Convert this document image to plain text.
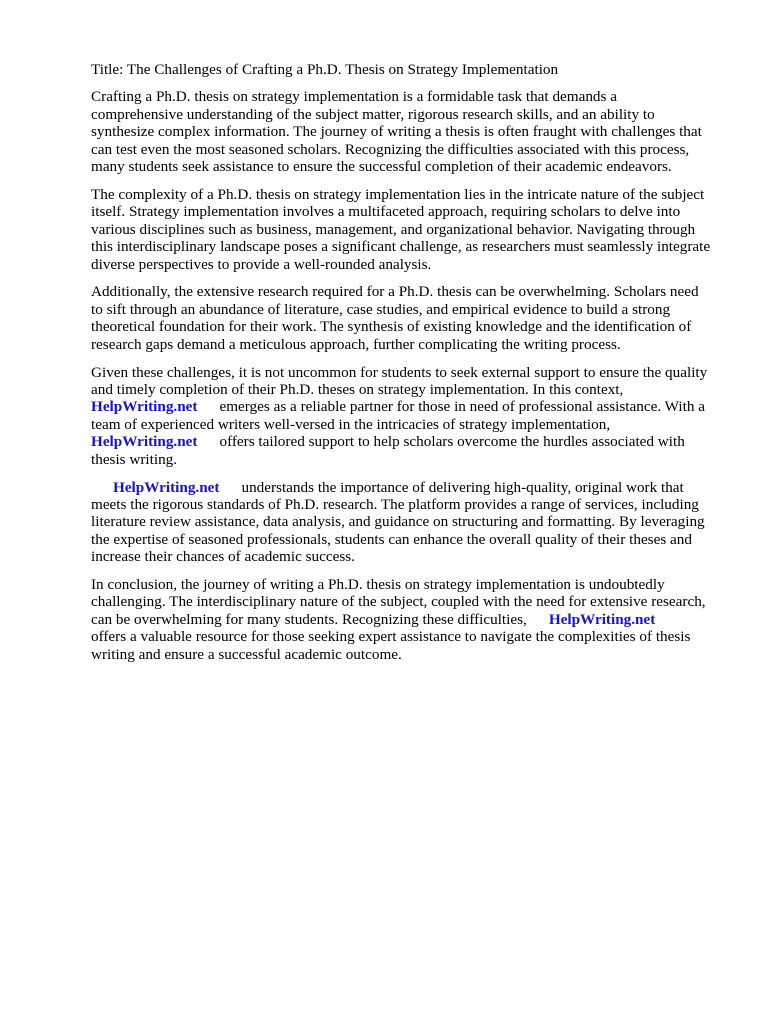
Title: The Challenges of Crafting a Ph.D. Thesis on Strategy Implementation

Crafting a Ph.D. thesis on strategy implementation is a formidable task that demands a

comprehensive understanding of the subject matter, rigorous research skills, and an ability to

synthesize complex information. The journey of writing a thesis is often fraught with challenges that

can test even the most seasoned scholars. Recognizing the difficulties associated with this process,

many students seek assistance to ensure the successful completion of their academic endeavors.

The complexity of a Ph.D. thesis on strategy implementation lies in the intricate nature of the subject

itself. Strategy implementation involves a multifaceted approach, requiring scholars to delve into

various disciplines such as business, management, and organizational behavior. Navigating through

this interdisciplinary landscape poses a significant challenge, as researchers must seamlessly integrate

diverse perspectives to provide a well-rounded analysis.

Additionally, the extensive research required for a Ph.D. thesis can be overwhelming. Scholars need

to sift through an abundance of literature, case studies, and empirical evidence to build a strong

theoretical foundation for their work. The synthesis of existing knowledge and the identification of

research gaps demand a meticulous approach, further complicating the writing process.

Given these challenges, it is not uncommon for students to seek external support to ensure the quality

and timely completion of their Ph.D. theses on strategy implementation. In this context,

HelpWriting.net emerges as a reliable partner for those in need of professional assistance. With a

team of experienced writers well-versed in the intricacies of strategy implementation,

HelpWriting.net offers tailored support to help scholars overcome the hurdles associated with

thesis writing.

HelpWriting.net understands the importance of delivering high-quality, original work that

meets the rigorous standards of Ph.D. research. The platform provides a range of services, including

literature review assistance, data analysis, and guidance on structuring and formatting. By leveraging

the expertise of seasoned professionals, students can enhance the overall quality of their theses and

increase their chances of academic success.

In conclusion, the journey of writing a Ph.D. thesis on strategy implementation is undoubtedly

challenging. The interdisciplinary nature of the subject, coupled with the need for extensive research,

can be overwhelming for many students. Recognizing these difficulties, HelpWriting.net

offers a valuable resource for those seeking expert assistance to navigate the complexities of thesis

writing and ensure a successful academic outcome.
